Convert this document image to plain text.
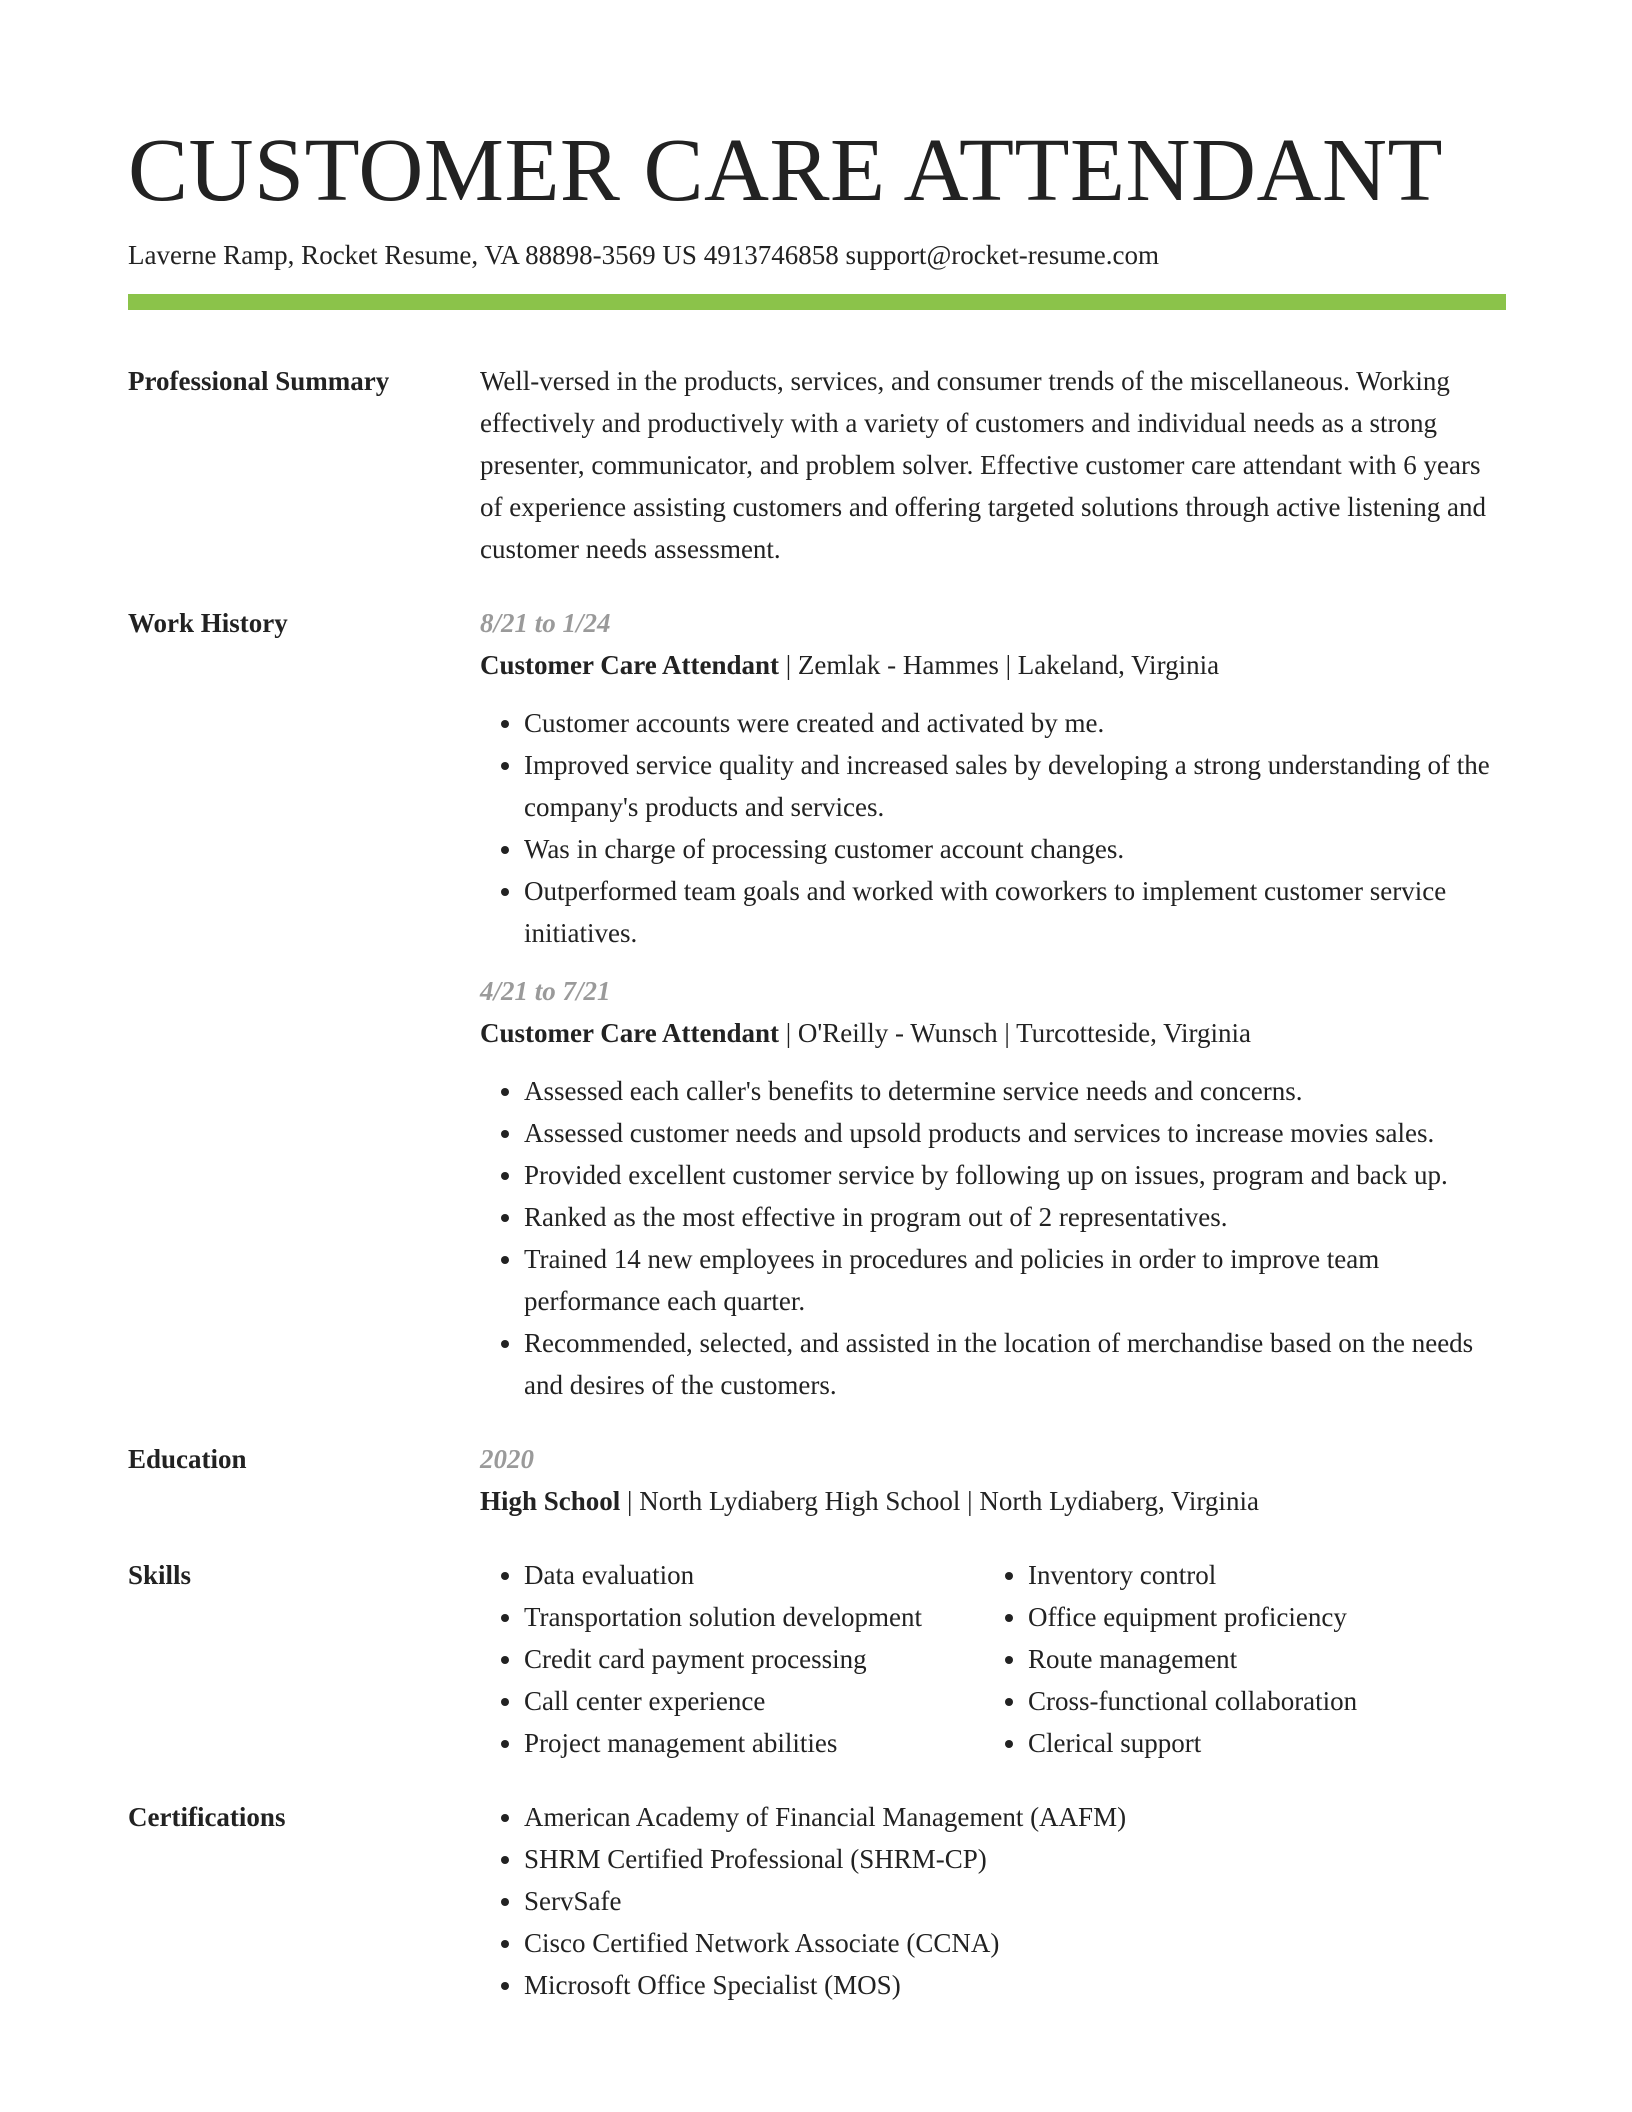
CUSTOMER CARE ATTENDANT
Laverne Ramp, Rocket Resume, VA 88898-3569 US 4913746858 support@rocket-resume.com
Professional Summary	Well-versed in the products, services, and consumer trends of the miscellaneous. Working effectively and productively with a variety of customers and individual needs as a strong presenter, communicator, and problem solver. Effective customer care attendant with 6 years of experience assisting customers and offering targeted solutions through active listening and customer needs assessment.

Work History	8/21 to 1/24
Customer Care Attendant | Zemlak - Hammes | Lakeland, Virginia
• Customer accounts were created and activated by me.
• Improved service quality and increased sales by developing a strong understanding of the company's products and services.
• Was in charge of processing customer account changes.
• Outperformed team goals and worked with coworkers to implement customer service initiatives.
4/21 to 7/21
Customer Care Attendant | O'Reilly - Wunsch | Turcotteside, Virginia
• Assessed each caller's benefits to determine service needs and concerns.
• Assessed customer needs and upsold products and services to increase movies sales.
• Provided excellent customer service by following up on issues, program and back up.
• Ranked as the most effective in program out of 2 representatives.
• Trained 14 new employees in procedures and policies in order to improve team performance each quarter.
• Recommended, selected, and assisted in the location of merchandise based on the needs and desires of the customers.
Education	2020
High School | North Lydiaberg High School | North Lydiaberg, Virginia
Skills	• Data evaluation
• Transportation solution development
• Credit card payment processing
• Call center experience
• Project management abilities
• Inventory control
• Office equipment proficiency
• Route management
• Cross-functional collaboration
• Clerical support
Certifications	• American Academy of Financial Management (AAFM)
• SHRM Certified Professional (SHRM-CP)
• ServSafe
• Cisco Certified Network Associate (CCNA)
• Microsoft Office Specialist (MOS)
